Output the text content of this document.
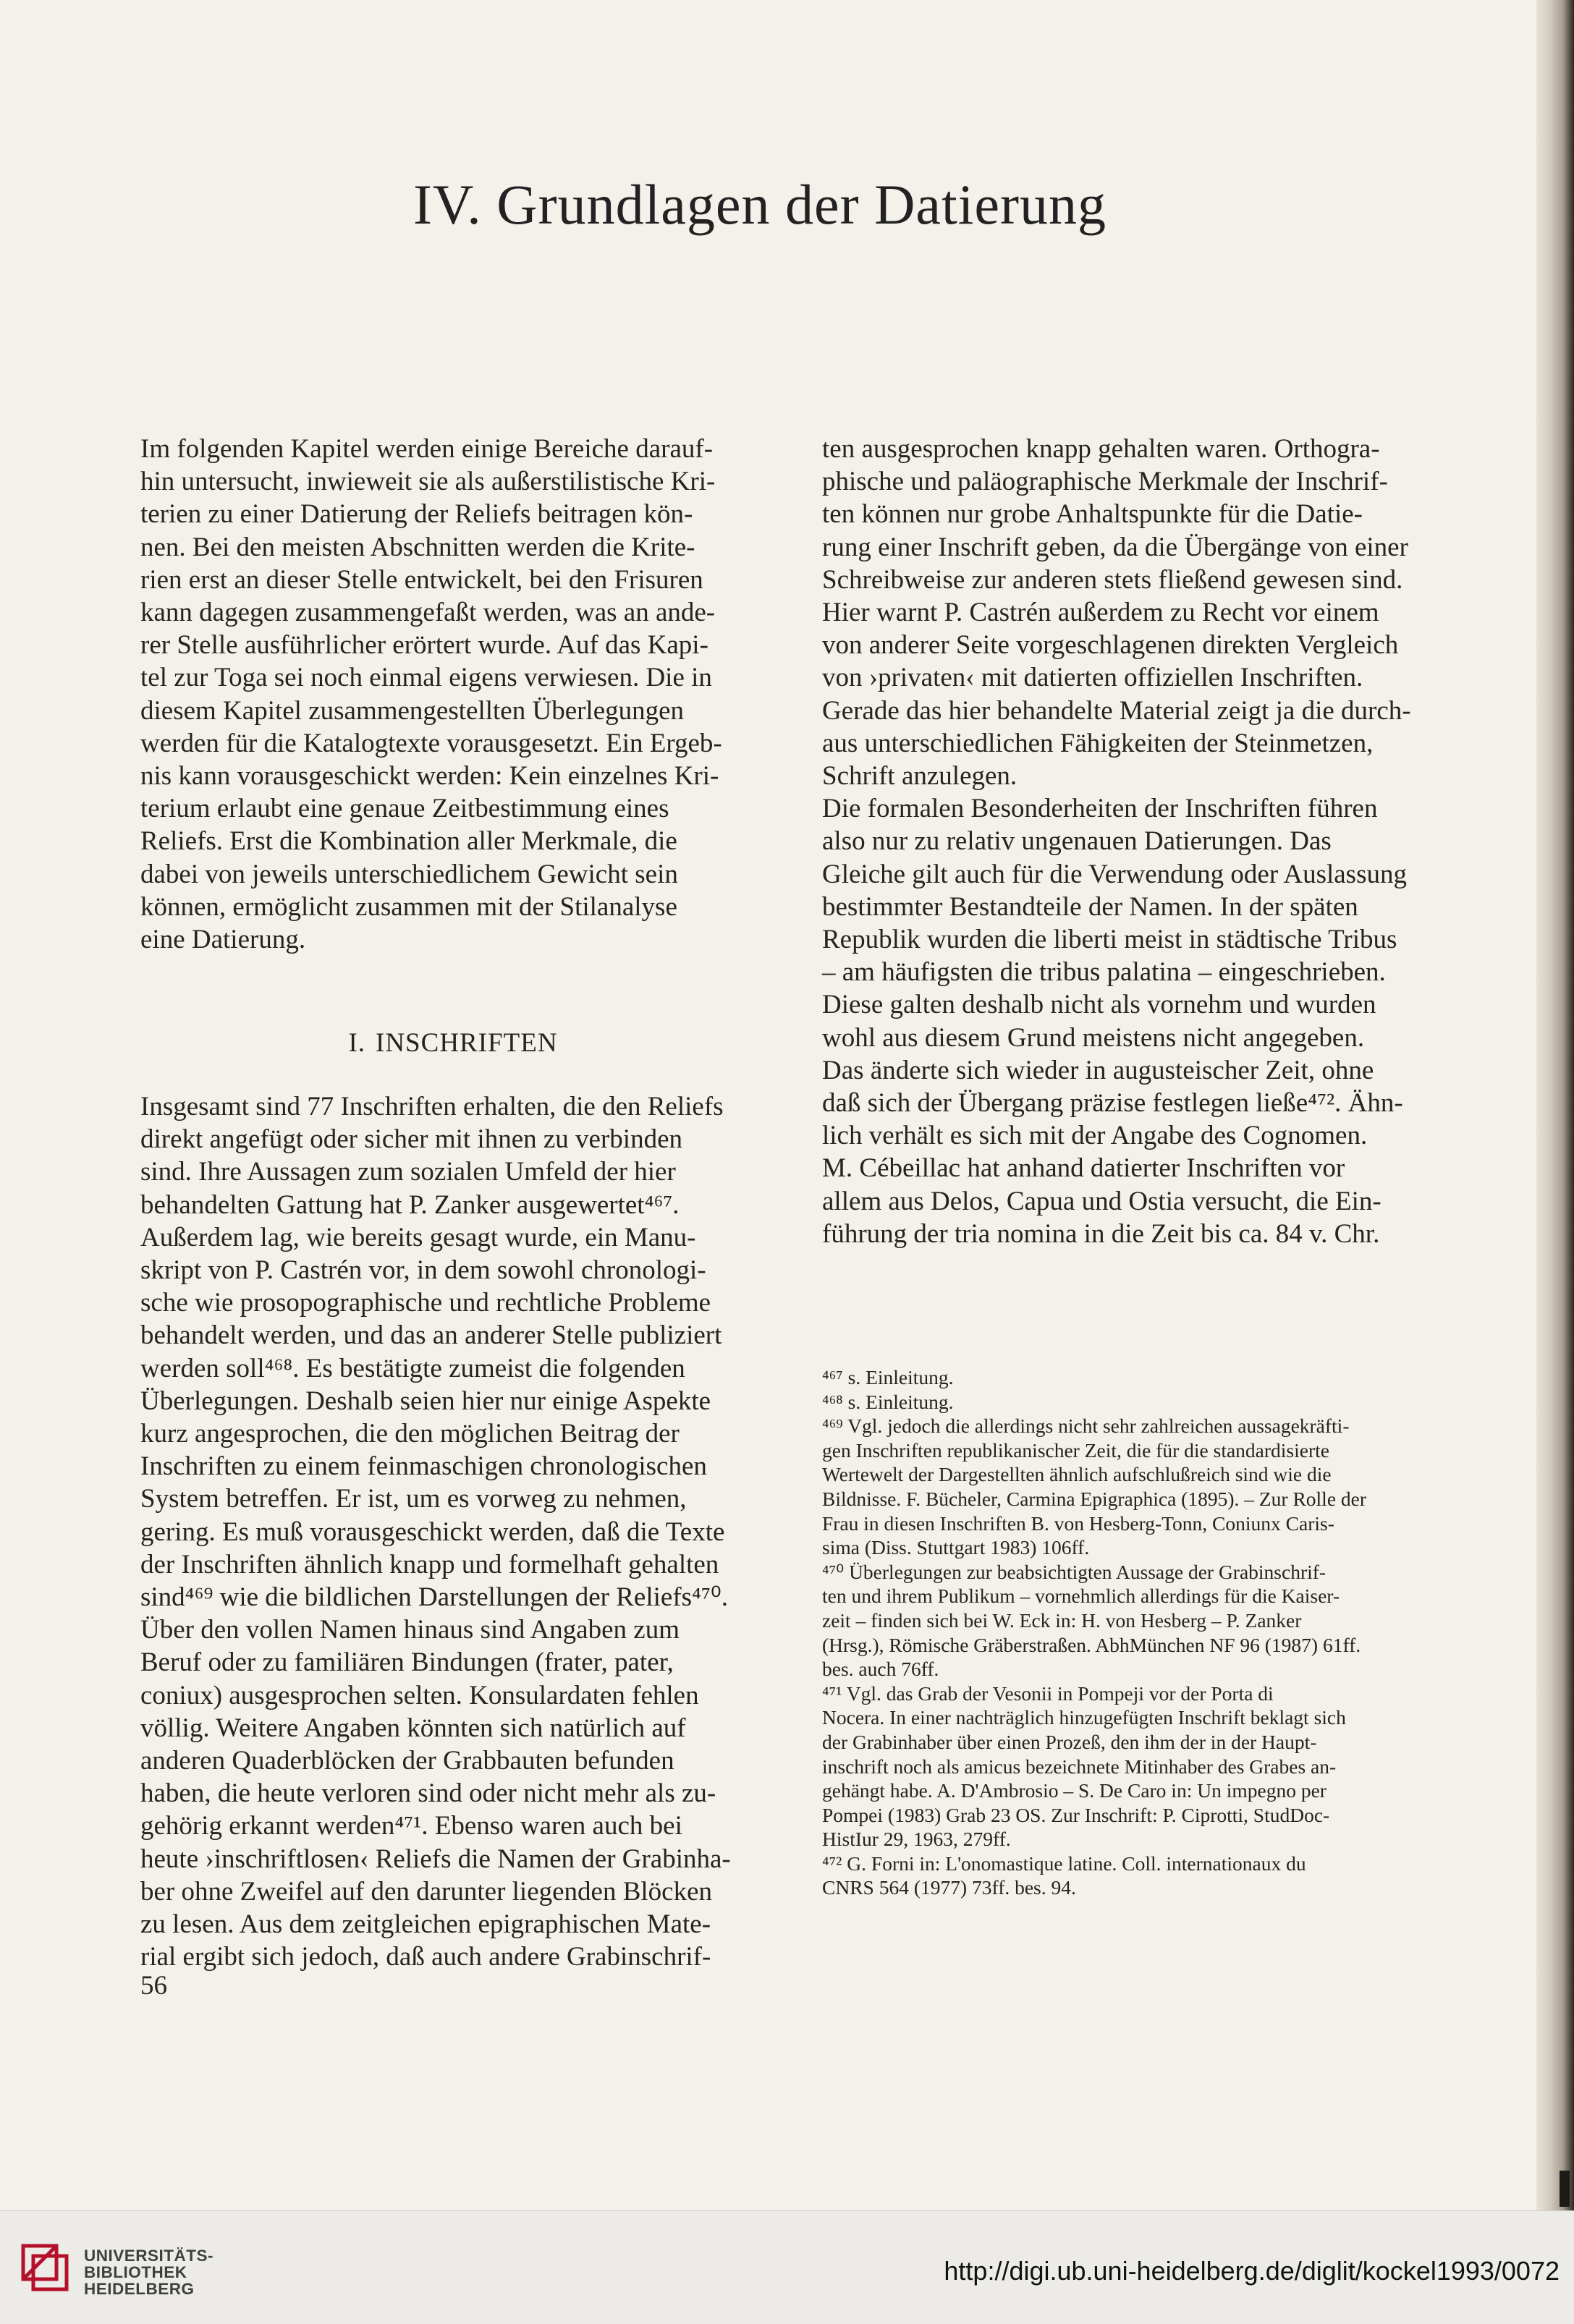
IV. Grundlagen der Datierung

Im folgenden Kapitel werden einige Bereiche darauf-

hin untersucht, inwieweit sie als außerstilistische Kri-

terien zu einer Datierung der Reliefs beitragen kön-

nen. Bei den meisten Abschnitten werden die Krite-

rien erst an dieser Stelle entwickelt, bei den Frisuren

kann dagegen zusammengefaßt werden, was an ande-

rer Stelle ausführlicher erörtert wurde. Auf das Kapi-

tel zur Toga sei noch einmal eigens verwiesen. Die in

diesem Kapitel zusammengestellten Überlegungen

werden für die Katalogtexte vorausgesetzt. Ein Ergeb-

nis kann vorausgeschickt werden: Kein einzelnes Kri-

terium erlaubt eine genaue Zeitbestimmung eines

Reliefs. Erst die Kombination aller Merkmale, die

dabei von jeweils unterschiedlichem Gewicht sein

können, ermöglicht zusammen mit der Stilanalyse

eine Datierung.

I. INSCHRIFTEN

Insgesamt sind 77 Inschriften erhalten, die den Reliefs

direkt angefügt oder sicher mit ihnen zu verbinden

sind. Ihre Aussagen zum sozialen Umfeld der hier

behandelten Gattung hat P. Zanker ausgewertet⁴⁶⁷.

Außerdem lag, wie bereits gesagt wurde, ein Manu-

skript von P. Castrén vor, in dem sowohl chronologi-

sche wie prosopographische und rechtliche Probleme

behandelt werden, und das an anderer Stelle publiziert

werden soll⁴⁶⁸. Es bestätigte zumeist die folgenden

Überlegungen. Deshalb seien hier nur einige Aspekte

kurz angesprochen, die den möglichen Beitrag der

Inschriften zu einem feinmaschigen chronologischen

System betreffen. Er ist, um es vorweg zu nehmen,

gering. Es muß vorausgeschickt werden, daß die Texte

der Inschriften ähnlich knapp und formelhaft gehalten

sind⁴⁶⁹ wie die bildlichen Darstellungen der Reliefs⁴⁷⁰.

Über den vollen Namen hinaus sind Angaben zum

Beruf oder zu familiären Bindungen (frater, pater,

coniux) ausgesprochen selten. Konsulardaten fehlen

völlig. Weitere Angaben könnten sich natürlich auf

anderen Quaderblöcken der Grabbauten befunden

haben, die heute verloren sind oder nicht mehr als zu-

gehörig erkannt werden⁴⁷¹. Ebenso waren auch bei

heute ›inschriftlosen‹ Reliefs die Namen der Grabinha-

ber ohne Zweifel auf den darunter liegenden Blöcken

zu lesen. Aus dem zeitgleichen epigraphischen Mate-

rial ergibt sich jedoch, daß auch andere Grabinschrif-

ten ausgesprochen knapp gehalten waren. Orthogra-

phische und paläographische Merkmale der Inschrif-

ten können nur grobe Anhaltspunkte für die Datie-

rung einer Inschrift geben, da die Übergänge von einer

Schreibweise zur anderen stets fließend gewesen sind.

Hier warnt P. Castrén außerdem zu Recht vor einem

von anderer Seite vorgeschlagenen direkten Vergleich

von ›privaten‹ mit datierten offiziellen Inschriften.

Gerade das hier behandelte Material zeigt ja die durch-

aus unterschiedlichen Fähigkeiten der Steinmetzen,

Schrift anzulegen.

Die formalen Besonderheiten der Inschriften führen

also nur zu relativ ungenauen Datierungen. Das

Gleiche gilt auch für die Verwendung oder Auslassung

bestimmter Bestandteile der Namen. In der späten

Republik wurden die liberti meist in städtische Tribus

– am häufigsten die tribus palatina – eingeschrieben.

Diese galten deshalb nicht als vornehm und wurden

wohl aus diesem Grund meistens nicht angegeben.

Das änderte sich wieder in augusteischer Zeit, ohne

daß sich der Übergang präzise festlegen ließe⁴⁷². Ähn-

lich verhält es sich mit der Angabe des Cognomen.

M. Cébeillac hat anhand datierter Inschriften vor

allem aus Delos, Capua und Ostia versucht, die Ein-

führung der tria nomina in die Zeit bis ca. 84 v. Chr.

⁴⁶⁷ s. Einleitung.

⁴⁶⁸ s. Einleitung.

⁴⁶⁹ Vgl. jedoch die allerdings nicht sehr zahlreichen aussagekräfti-

gen Inschriften republikanischer Zeit, die für die standardisierte

Wertewelt der Dargestellten ähnlich aufschlußreich sind wie die

Bildnisse. F. Bücheler, Carmina Epigraphica (1895). – Zur Rolle der

Frau in diesen Inschriften B. von Hesberg-Tonn, Coniunx Caris-

sima (Diss. Stuttgart 1983) 106ff.

⁴⁷⁰ Überlegungen zur beabsichtigten Aussage der Grabinschrif-

ten und ihrem Publikum – vornehmlich allerdings für die Kaiser-

zeit – finden sich bei W. Eck in: H. von Hesberg – P. Zanker

(Hrsg.), Römische Gräberstraßen. AbhMünchen NF 96 (1987) 61ff.

bes. auch 76ff.

⁴⁷¹ Vgl. das Grab der Vesonii in Pompeji vor der Porta di

Nocera. In einer nachträglich hinzugefügten Inschrift beklagt sich

der Grabinhaber über einen Prozeß, den ihm der in der Haupt-

inschrift noch als amicus bezeichnete Mitinhaber des Grabes an-

gehängt habe. A. D'Ambrosio – S. De Caro in: Un impegno per

Pompei (1983) Grab 23 OS. Zur Inschrift: P. Ciprotti, StudDoc-

HistIur 29, 1963, 279ff.

⁴⁷² G. Forni in: L'onomastique latine. Coll. internationaux du

CNRS 564 (1977) 73ff. bes. 94.

56
UNIVERSITÄTS-
BIBLIOTHEK
HEIDELBERG
http://digi.ub.uni-heidelberg.de/diglit/kockel1993/0072
